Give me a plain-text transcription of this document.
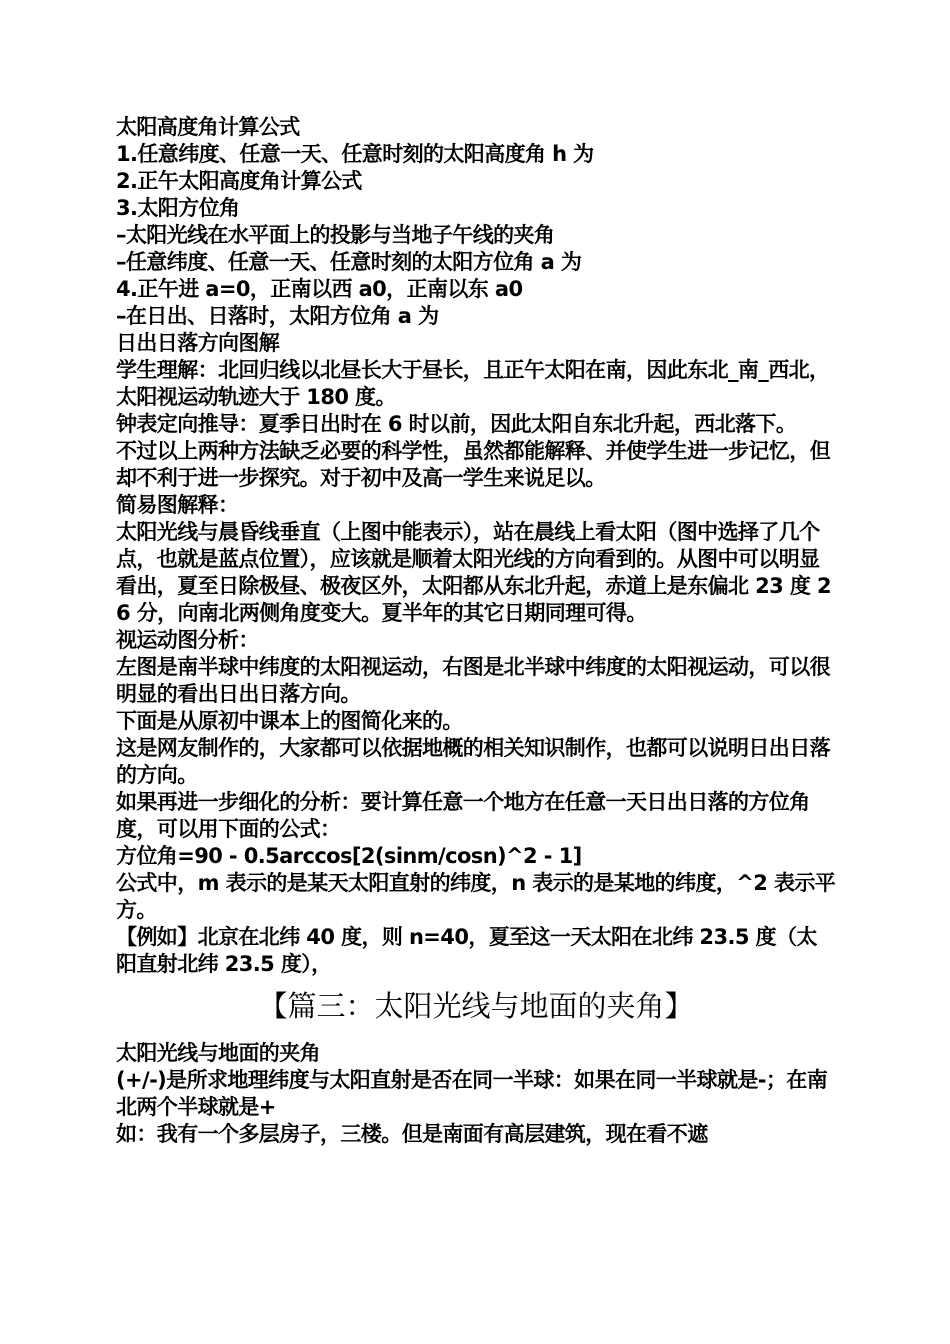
太阳高度角计算公式

1.任意纬度、任意一天、任意时刻的太阳高度角 h 为

2.正午太阳高度角计算公式

3.太阳方位角

–太阳光线在水平面上的投影与当地子午线的夹角

–任意纬度、任意一天、任意时刻的太阳方位角 a 为

4.正午进 a=0，正南以西 a0，正南以东 a0

–在日出、日落时，太阳方位角 a 为

日出日落方向图解

学生理解：北回归线以北昼长大于昼长，且正午太阳在南，因此东北_南_西北，太阳视运动轨迹大于 180 度。

钟表定向推导：夏季日出时在 6 时以前，因此太阳自东北升起，西北落下。

不过以上两种方法缺乏必要的科学性，虽然都能解释、并使学生进一步记忆，但却不利于进一步探究。对于初中及高一学生来说足以。

简易图解释：

太阳光线与晨昏线垂直（上图中能表示），站在晨线上看太阳（图中选择了几个点，也就是蓝点位置），应该就是顺着太阳光线的方向看到的。从图中可以明显看出，夏至日除极昼、极夜区外，太阳都从东北升起，赤道上是东偏北 23 度 26 分，向南北两侧角度变大。夏半年的其它日期同理可得。

视运动图分析：

左图是南半球中纬度的太阳视运动，右图是北半球中纬度的太阳视运动，可以很明显的看出日出日落方向。

下面是从原初中课本上的图简化来的。

这是网友制作的，大家都可以依据地概的相关知识制作，也都可以说明日出日落的方向。

如果再进一步细化的分析：要计算任意一个地方在任意一天日出日落的方位角度，可以用下面的公式：

方位角=90 - 0.5arccos[2(sinm/cosn)^2 - 1]

公式中，m 表示的是某天太阳直射的纬度，n 表示的是某地的纬度，^2 表示平方。

【例如】北京在北纬 40 度，则 n=40，夏至这一天太阳在北纬 23.5 度（太阳直射北纬 23.5 度），

【篇三：太阳光线与地面的夹角】

太阳光线与地面的夹角

(+/-)是所求地理纬度与太阳直射是否在同一半球：如果在同一半球就是-；在南北两个半球就是+

如：我有一个多层房子，三楼。但是南面有高层建筑，现在看不遮
